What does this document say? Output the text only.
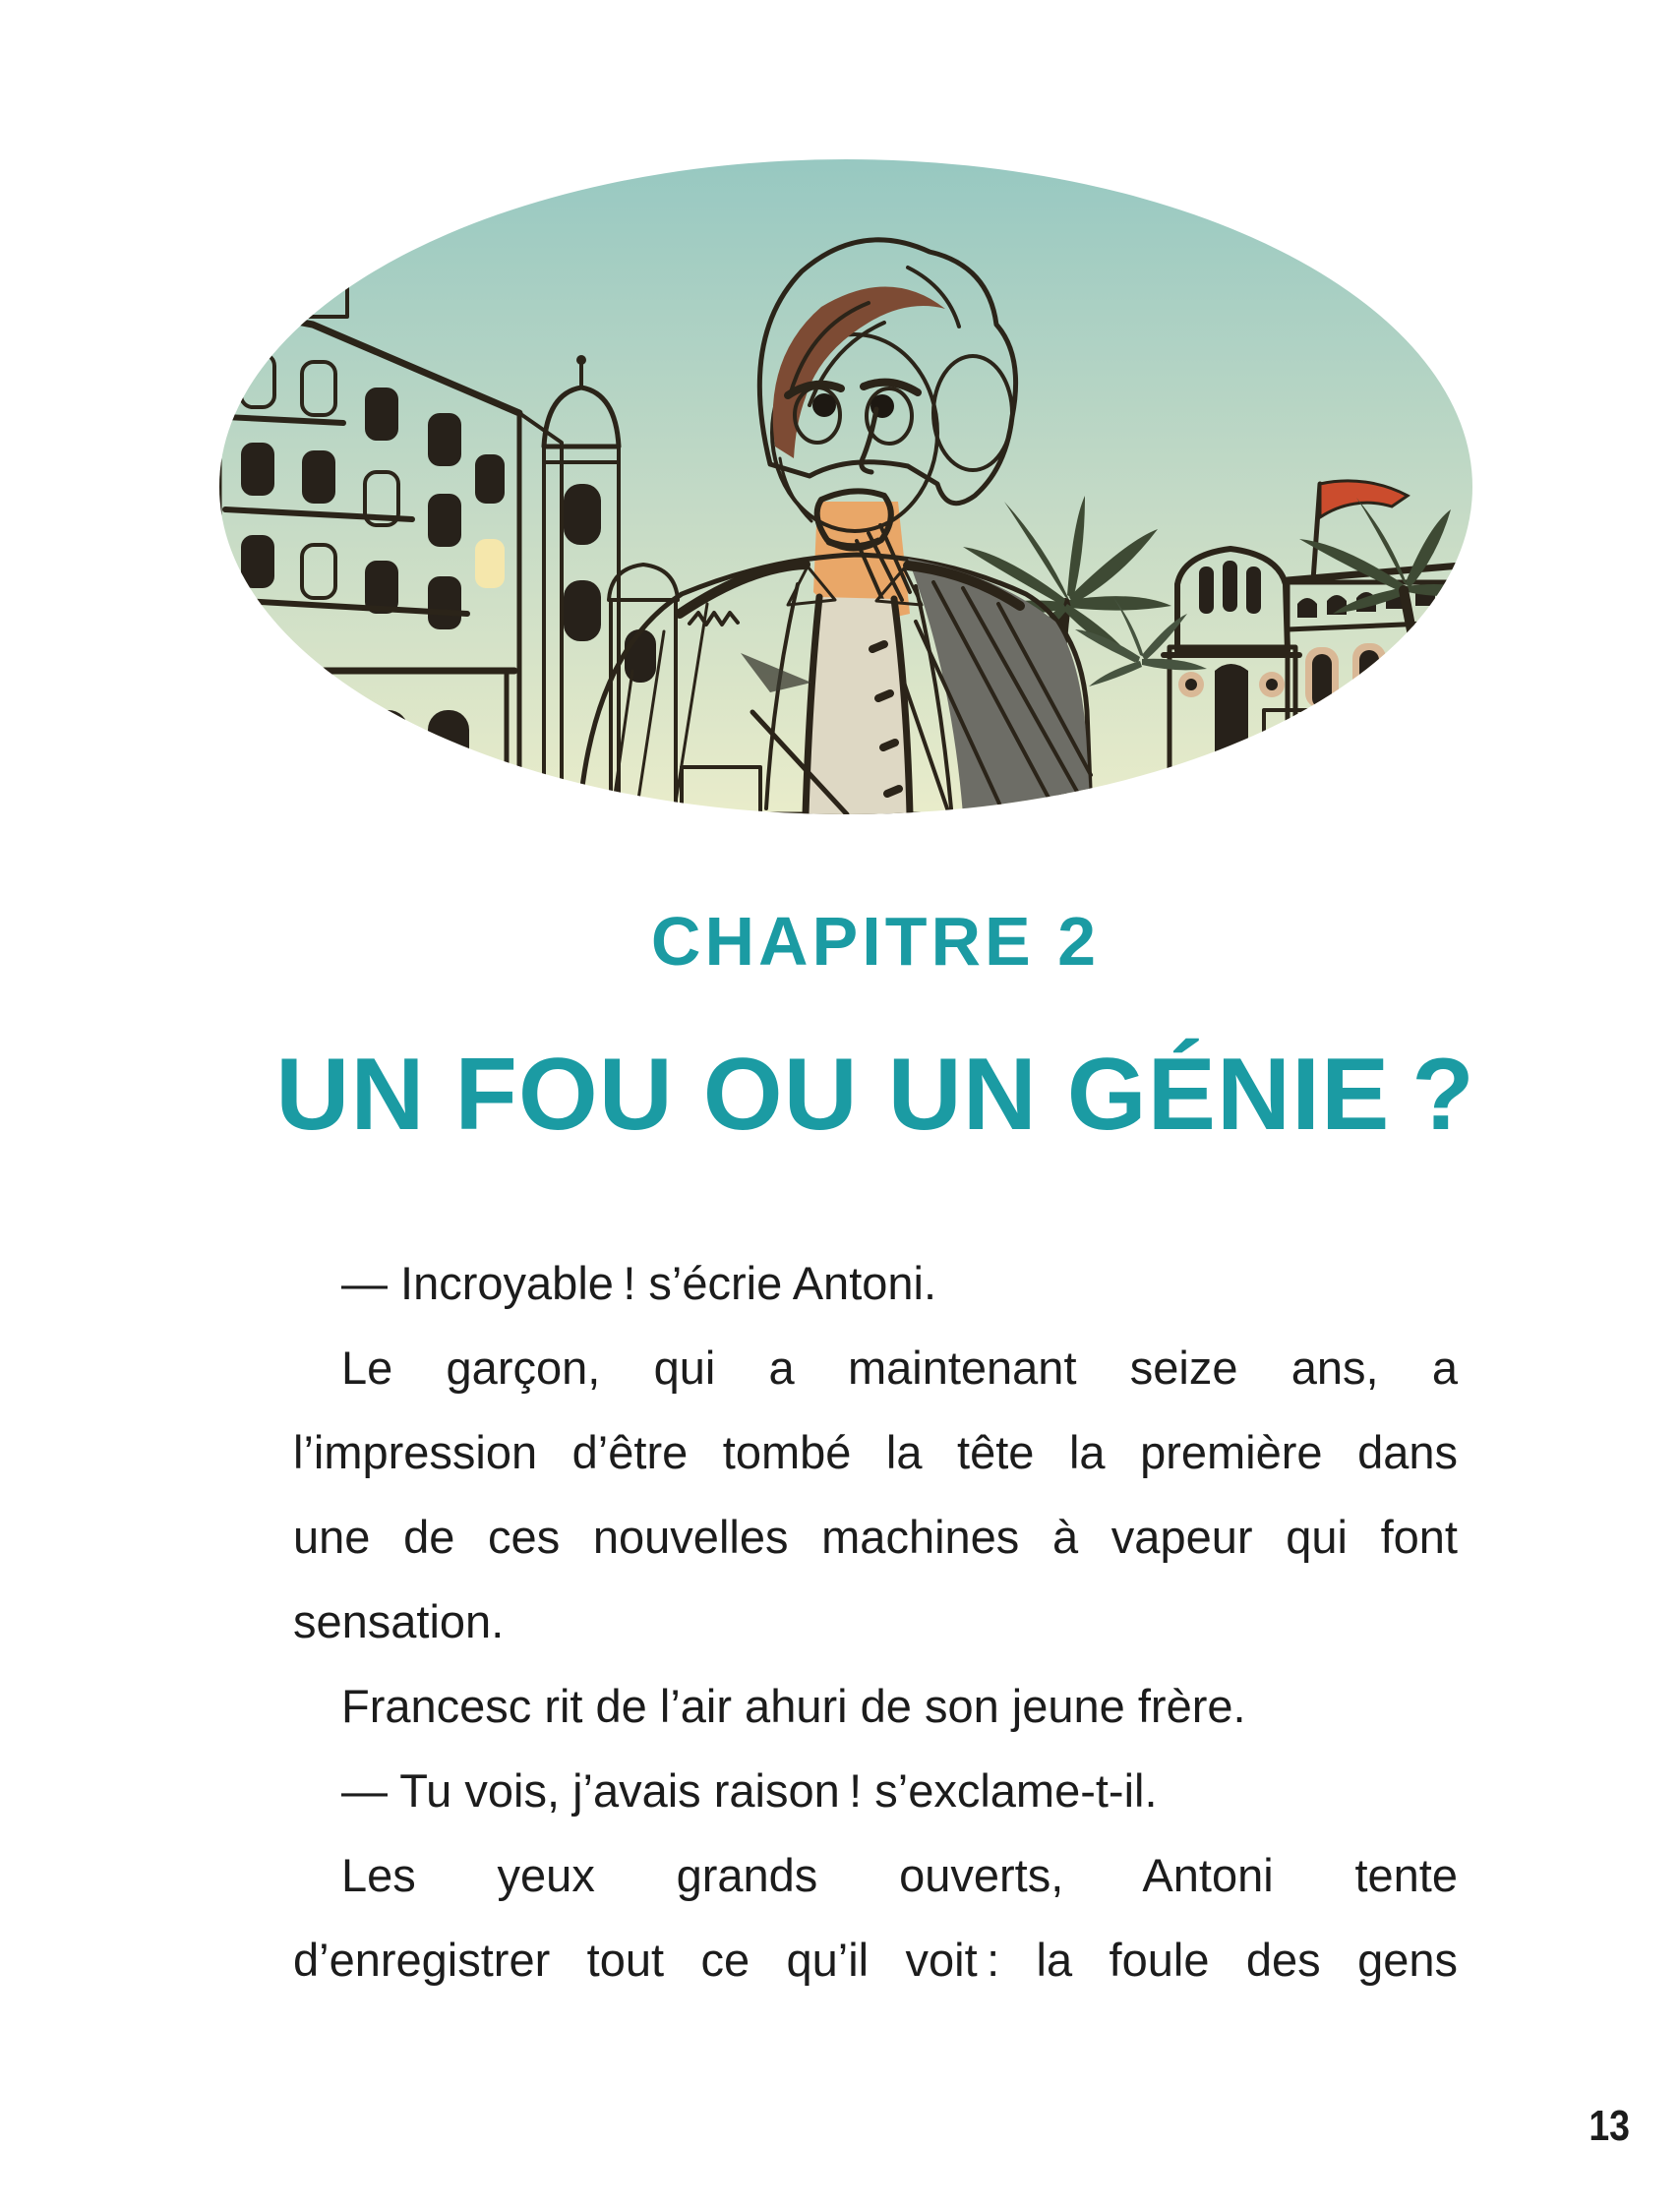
CHAPITRE 2
UN FOU OU UN GÉNIE ?
— Incroyable ! s’écrie Antoni.
Le garçon, qui a maintenant seize ans, a
l’impression d’être tombé la tête la première dans
une de ces nouvelles machines à vapeur qui font
sensation.
Francesc rit de l’air ahuri de son jeune frère.
— Tu vois, j’avais raison ! s’exclame-t-il.
Les yeux grands ouverts, Antoni tente
d’enregistrer tout ce qu’il voit : la foule des gens
13
